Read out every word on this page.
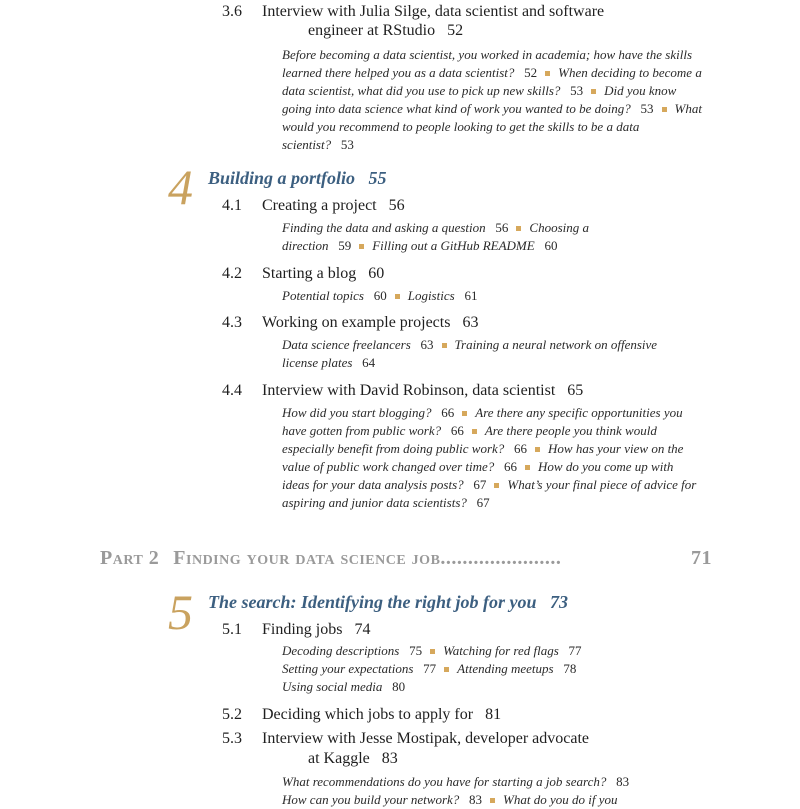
3.6 Interview with Julia Silge, data scientist and software
engineer at RStudio 52
Before becoming a data scientist, you worked in academia; how have the skills learned there helped you as a data scientist? 52 When deciding to become a data scientist, what did you use to pick up new skills? 53 Did you know going into data science what kind of work you wanted to be doing? 53 What would you recommend to people looking to get the skills to be a data scientist? 53
4 Building a portfolio 55
4.1 Creating a project 56
Finding the data and asking a question 56 Choosing a direction 59 Filling out a GitHub README 60
4.2 Starting a blog 60
Potential topics 60 Logistics 61
4.3 Working on example projects 63
Data science freelancers 63 Training a neural network on offensive license plates 64
4.4 Interview with David Robinson, data scientist 65
How did you start blogging? 66 Are there any specific opportunities you have gotten from public work? 66 Are there people you think would especially benefit from doing public work? 66 How has your view on the value of public work changed over time? 66 How do you come up with ideas for your data analysis posts? 67 What’s your final piece of advice for aspiring and junior data scientists? 67
Part 2 Finding your data science job......................	71
5 The search: Identifying the right job for you 73
5.1 Finding jobs 74
Decoding descriptions 75 Watching for red flags 77
Setting your expectations 77 Attending meetups 78
Using social media 80
5.2 Deciding which jobs to apply for 81
5.3 Interview with Jesse Mostipak, developer advocate
at Kaggle 83
What recommendations do you have for starting a job search? 83
How can you build your network? 83 What do you do if you
